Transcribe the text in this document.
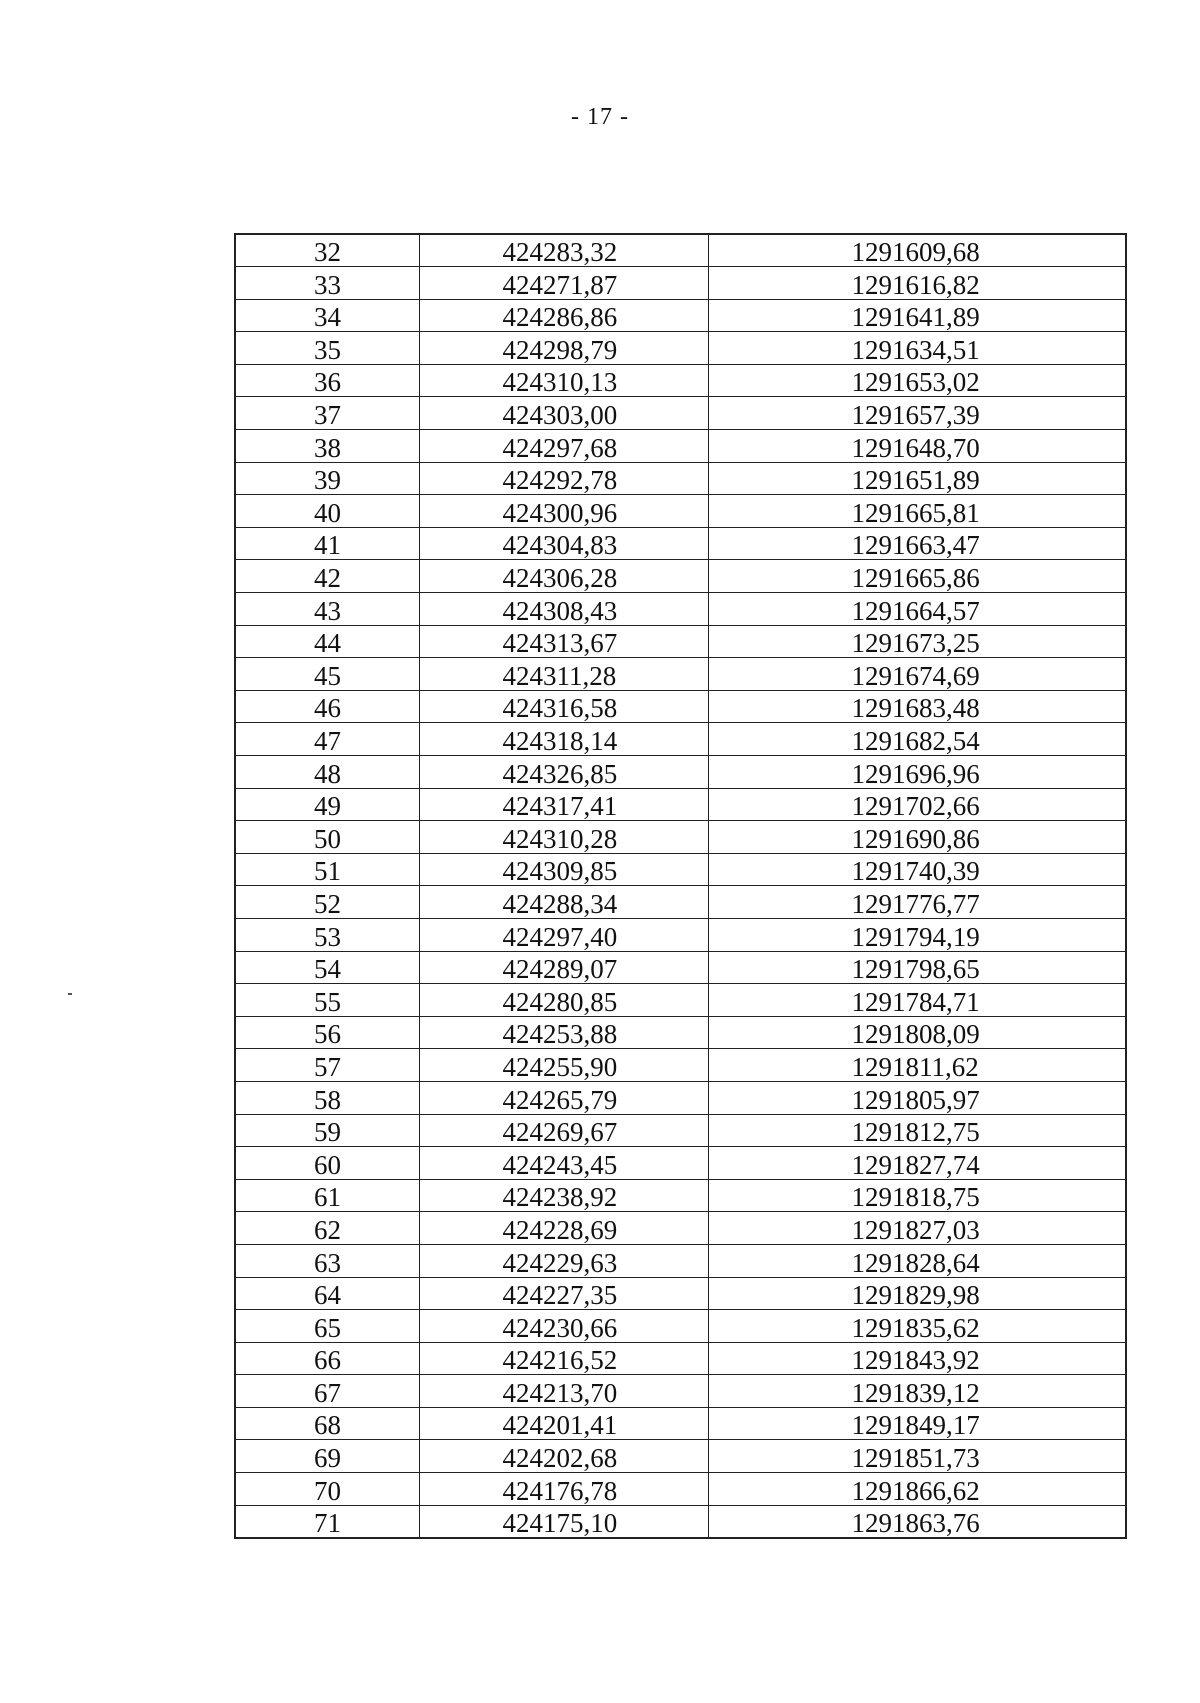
- 17 -
32	424283,32	1291609,68
33	424271,87	1291616,82
34	424286,86	1291641,89
35	424298,79	1291634,51
36	424310,13	1291653,02
37	424303,00	1291657,39
38	424297,68	1291648,70
39	424292,78	1291651,89
40	424300,96	1291665,81
41	424304,83	1291663,47
42	424306,28	1291665,86
43	424308,43	1291664,57
44	424313,67	1291673,25
45	424311,28	1291674,69
46	424316,58	1291683,48
47	424318,14	1291682,54
48	424326,85	1291696,96
49	424317,41	1291702,66
50	424310,28	1291690,86
51	424309,85	1291740,39
52	424288,34	1291776,77
53	424297,40	1291794,19
54	424289,07	1291798,65
55	424280,85	1291784,71
56	424253,88	1291808,09
57	424255,90	1291811,62
58	424265,79	1291805,97
59	424269,67	1291812,75
60	424243,45	1291827,74
61	424238,92	1291818,75
62	424228,69	1291827,03
63	424229,63	1291828,64
64	424227,35	1291829,98
65	424230,66	1291835,62
66	424216,52	1291843,92
67	424213,70	1291839,12
68	424201,41	1291849,17
69	424202,68	1291851,73
70	424176,78	1291866,62
71	424175,10	1291863,76
